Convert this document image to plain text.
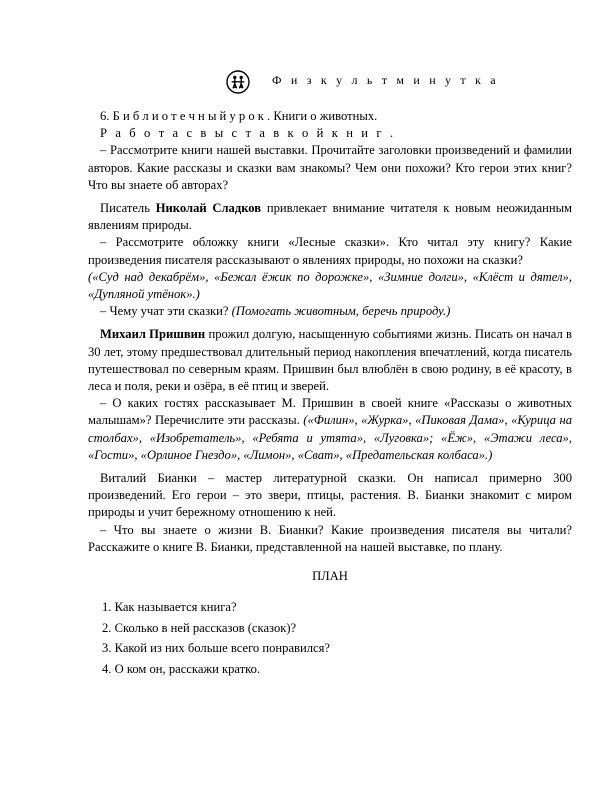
Ф и з к у л ь т м и н у т к а

6. Б и б л и о т е ч н ы й у р о к . Книги о животных.

Р а б о т а с в ы с т а в к о й к н и г .

– Рассмотрите книги нашей выставки. Прочитайте заголовки произведений и фамилии авторов. Какие рассказы и сказки вам знакомы? Чем они похожи? Кто герои этих книг? Что вы знаете об авторах?

Писатель Николай Сладков привлекает внимание читателя к новым неожиданным явлениям природы.

– Рассмотрите обложку книги «Лесные сказки». Кто читал эту книгу? Какие произведения писателя рассказывают о явлениях природы, но похожи на сказки?

(«Суд над декабрём», «Бежал ёжик по дорожке», «Зимние долги», «Клёст и дятел», «Дупляной утёнок».)

– Чему учат эти сказки? (Помогать животным, беречь природу.)

Михаил Пришвин прожил долгую, насыщенную событиями жизнь. Писать он начал в 30 лет, этому предшествовал длительный период накопления впечатлений, когда писатель путешествовал по северным краям. Пришвин был влюблён в свою родину, в её красоту, в леса и поля, реки и озёра, в её птиц и зверей.

– О каких гостях рассказывает М. Пришвин в своей книге «Рассказы о животных малышам»? Перечислите эти рассказы. («Филин», «Журка», «Пиковая Дама», «Курица на столбах», «Изобретатель», «Ребята и утята», «Луговка»; «Ёж», «Этажи леса», «Гости», «Орлиное Гнездо», «Лимон», «Сват», «Предательская колбаса».)

Виталий Бианки – мастер литературной сказки. Он написал примерно 300 произведений. Его герои – это звери, птицы, растения. В. Бианки знакомит с миром природы и учит бережному отношению к ней.

– Что вы знаете о жизни В. Бианки? Какие произведения писателя вы читали? Расскажите о книге В. Бианки, представленной на нашей выставке, по плану.

ПЛАН

1. Как называется книга?

2. Сколько в ней рассказов (сказок)?

3. Какой из них больше всего понравился?

4. О ком он, расскажи кратко.
